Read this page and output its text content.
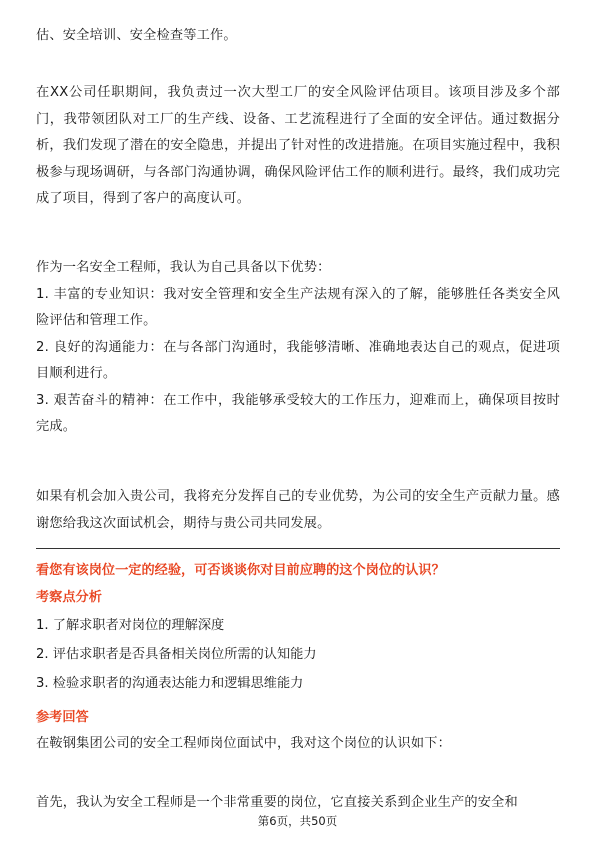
估、安全培训、安全检查等工作。

在XX公司任职期间，我负责过一次大型工厂的安全风险评估项目。该项目涉及多个部门，我带领团队对工厂的生产线、设备、工艺流程进行了全面的安全评估。通过数据分析，我们发现了潜在的安全隐患，并提出了针对性的改进措施。在项目实施过程中，我积极参与现场调研，与各部门沟通协调，确保风险评估工作的顺利进行。最终，我们成功完成了项目，得到了客户的高度认可。

作为一名安全工程师，我认为自己具备以下优势：

1. 丰富的专业知识：我对安全管理和安全生产法规有深入的了解，能够胜任各类安全风险评估和管理工作。

2. 良好的沟通能力：在与各部门沟通时，我能够清晰、准确地表达自己的观点，促进项目顺利进行。

3. 艰苦奋斗的精神：在工作中，我能够承受较大的工作压力，迎难而上，确保项目按时完成。

如果有机会加入贵公司，我将充分发挥自己的专业优势，为公司的安全生产贡献力量。感谢您给我这次面试机会，期待与贵公司共同发展。

看您有该岗位一定的经验，可否谈谈你对目前应聘的这个岗位的认识？

考察点分析

1. 了解求职者对岗位的理解深度
2. 评估求职者是否具备相关岗位所需的认知能力
3. 检验求职者的沟通表达能力和逻辑思维能力

参考回答

在鞍钢集团公司的安全工程师岗位面试中，我对这个岗位的认识如下：

首先，我认为安全工程师是一个非常重要的岗位，它直接关系到企业生产的安全和

第6页，共50页
